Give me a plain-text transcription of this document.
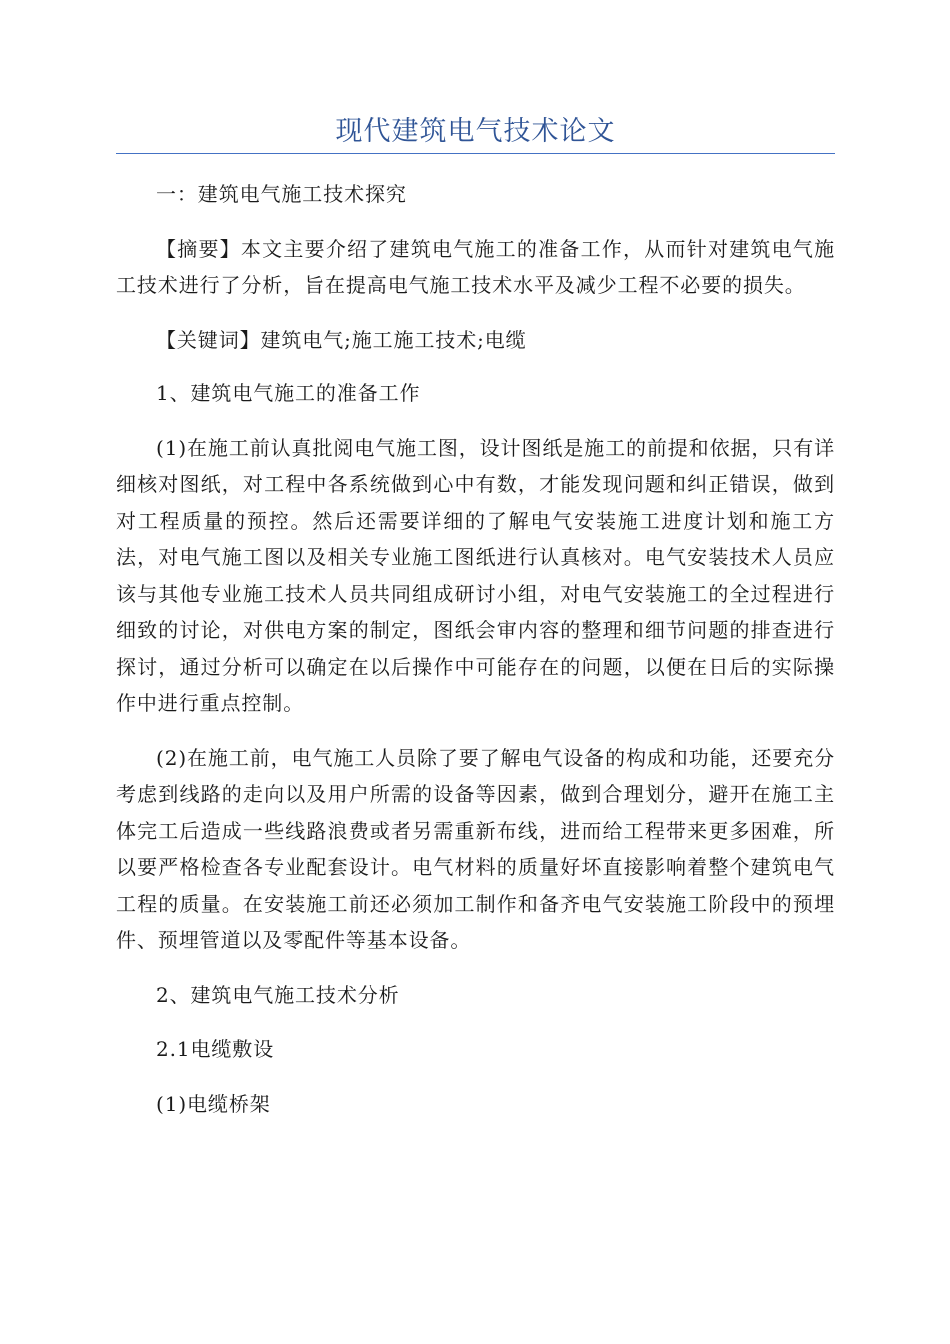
现代建筑电气技术论文

一：建筑电气施工技术探究

【摘要】本文主要介绍了建筑电气施工的准备工作，从而针对建筑电气施工技术进行了分析，旨在提高电气施工技术水平及减少工程不必要的损失。

【关键词】建筑电气;施工施工技术;电缆

1、建筑电气施工的准备工作

(1)在施工前认真批阅电气施工图，设计图纸是施工的前提和依据，只有详细核对图纸，对工程中各系统做到心中有数，才能发现问题和纠正错误，做到对工程质量的预控。然后还需要详细的了解电气安装施工进度计划和施工方法，对电气施工图以及相关专业施工图纸进行认真核对。电气安装技术人员应该与其他专业施工技术人员共同组成研讨小组，对电气安装施工的全过程进行细致的讨论，对供电方案的制定，图纸会审内容的整理和细节问题的排查进行探讨，通过分析可以确定在以后操作中可能存在的问题，以便在日后的实际操作中进行重点控制。

(2)在施工前，电气施工人员除了要了解电气设备的构成和功能，还要充分考虑到线路的走向以及用户所需的设备等因素，做到合理划分，避开在施工主体完工后造成一些线路浪费或者另需重新布线，进而给工程带来更多困难，所以要严格检查各专业配套设计。电气材料的质量好坏直接影响着整个建筑电气工程的质量。在安装施工前还必须加工制作和备齐电气安装施工阶段中的预埋件、预埋管道以及零配件等基本设备。

2、建筑电气施工技术分析

2.1电缆敷设

(1)电缆桥架
